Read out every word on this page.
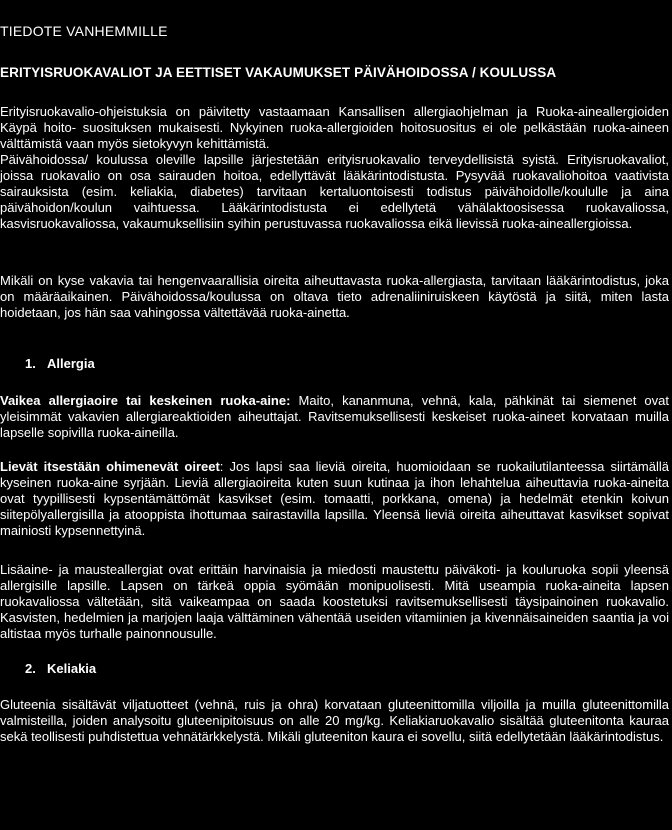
TIEDOTE VANHEMMILLE
ERITYISRUOKAVALIOT JA EETTISET VAKAUMUKSET PÄIVÄHOIDOSSA / KOULUSSA

Erityisruokavalio-ohjeistuksia on päivitetty vastaamaan Kansallisen allergiaohjelman ja Ruoka-aineallergioiden Käypä hoito- suosituksen mukaisesti. Nykyinen ruoka-allergioiden hoitosuositus ei ole pelkästään ruoka-aineen välttämistä vaan myös sietokyvyn kehittämistä.

Päivähoidossa/ koulussa oleville lapsille järjestetään erityisruokavalio terveydellisistä syistä. Erityisruokavaliot, joissa ruokavalio on osa sairauden hoitoa, edellyttävät lääkärintodistusta. Pysyvää ruokavaliohoitoa vaativista sairauksista (esim. keliakia, diabetes) tarvitaan kertaluontoisesti todistus päivähoidolle/koululle ja aina päivähoidon/koulun vaihtuessa. Lääkärintodistusta ei edellytetä vähälaktoosisessa ruokavaliossa, kasvisruokavaliossa, vakaumuksellisiin syihin perustuvassa ruokavaliossa eikä lievissä ruoka-aineallergioissa.

Mikäli on kyse vakavia tai hengenvaarallisia oireita aiheuttavasta ruoka-allergiasta, tarvitaan lääkärintodistus, joka on määräaikainen. Päivähoidossa/koulussa on oltava tieto adrenaliiniruiskeen käytöstä ja siitä, miten lasta hoidetaan, jos hän saa vahingossa vältettävää ruoka-ainetta.

1. Allergia

Vaikea allergiaoire tai keskeinen ruoka-aine: Maito, kananmuna, vehnä, kala, pähkinät tai siemenet ovat yleisimmät vakavien allergiareaktioiden aiheuttajat. Ravitsemuksellisesti keskeiset ruoka-aineet korvataan muilla lapselle sopivilla ruoka-aineilla.

Lievät itsestään ohimenevät oireet: Jos lapsi saa lieviä oireita, huomioidaan se ruokailutilanteessa siirtämällä kyseinen ruoka-aine syrjään. Lieviä allergiaoireita kuten suun kutinaa ja ihon lehahtelua aiheuttavia ruoka-aineita ovat tyypillisesti kypsentämättömät kasvikset (esim. tomaatti, porkkana, omena) ja hedelmät etenkin koivun siitepölyallergisilla ja atooppista ihottumaa sairastavilla lapsilla. Yleensä lieviä oireita aiheuttavat kasvikset sopivat mainiosti kypsennettyinä.

Lisäaine- ja mausteallergiat ovat erittäin harvinaisia ja miedosti maustettu päiväkoti- ja kouluruoka sopii yleensä allergisille lapsille. Lapsen on tärkeä oppia syömään monipuolisesti. Mitä useampia ruoka-aineita lapsen ruokavaliossa vältetään, sitä vaikeampaa on saada koostetuksi ravitsemuksellisesti täysipainoinen ruokavalio. Kasvisten, hedelmien ja marjojen laaja välttäminen vähentää useiden vitamiinien ja kivennäisaineiden saantia ja voi altistaa myös turhalle painonnousulle.

2. Keliakia

Gluteenia sisältävät viljatuotteet (vehnä, ruis ja ohra) korvataan gluteenittomilla viljoilla ja muilla gluteenittomilla valmisteilla, joiden analysoitu gluteenipitoisuus on alle 20 mg/kg. Keliakiaruokavalio sisältää gluteenitonta kauraa sekä teollisesti puhdistettua vehnätärkkelystä. Mikäli gluteeniton kaura ei sovellu, siitä edellytetään lääkärintodistus.
